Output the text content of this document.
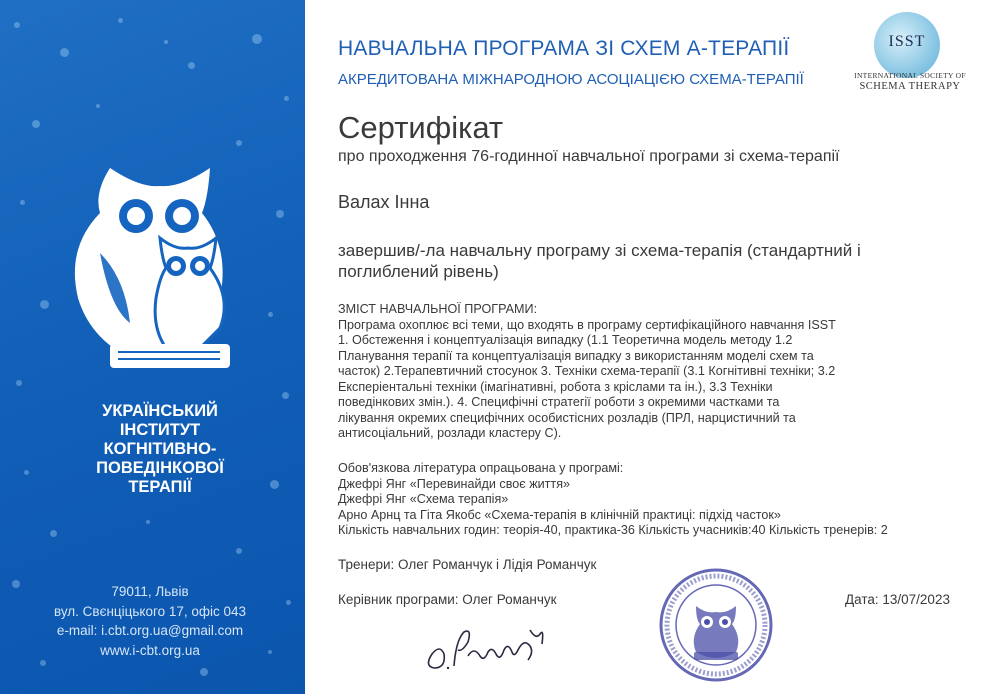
УКРАЇНСЬКИЙ
ІНСТИТУТ
КОГНІТИВНО-
ПОВЕДІНКОВОЇ
ТЕРАПІЇ
79011, Львів
вул. Свєнціцького 17, офіс 043
e-mail: i.cbt.org.ua@gmail.com
www.i-cbt.org.ua
НАВЧАЛЬНА ПРОГРАМА ЗІ СХЕМ А-ТЕРАПІЇ
АКРЕДИТОВАНА МІЖНАРОДНОЮ АСОЦІАЦІЄЮ СХЕМА-ТЕРАПІЇ
ISST
INTERNATIONAL SOCIETY OF
SCHEMA THERAPY
Сертифікат
про проходження 76-годинної навчальної програми зі схема-терапії
Валах Інна
завершив/-ла навчальну програму зі схема-терапія (стандартний і поглиблений рівень)
ЗМІСТ НАВЧАЛЬНОЇ ПРОГРАМИ:
Програма охоплює всі теми, що входять в програму сертифікаційного навчання ISST
1. Обстеження і концептуалізація випадку (1.1 Теоретична модель методу 1.2
Планування терапії та концептуалізація випадку з використанням моделі схем та
часток) 2.Терапевтичний стосунок 3. Техніки схема-терапії (3.1 Когнітивні техніки; 3.2
Експеріентальні техніки (імагінативні, робота з кріслами та ін.), 3.3 Техніки
поведінкових змін.). 4. Специфічні стратегії роботи з окремими частками та
лікування окремих специфічних особистісних розладів (ПРЛ, нарцистичний та
антисоціальний, розлади кластеру С).
Обов'язкова література опрацьована у програмі:
Джефрі Янг «Перевинайди своє життя»
Джефрі Янг «Схема терапія»
Арно Арнц та Гіта Якобс «Схема-терапія в клінічній практиці: підхід часток»
Кількість навчальних годин: теорія-40, практика-36 Кількість учасників:40 Кількість тренерів: 2
Тренери: Олег Романчук і Лідія Романчук
Керівник програми: Олег Романчук	Дата: 13/07/2023
